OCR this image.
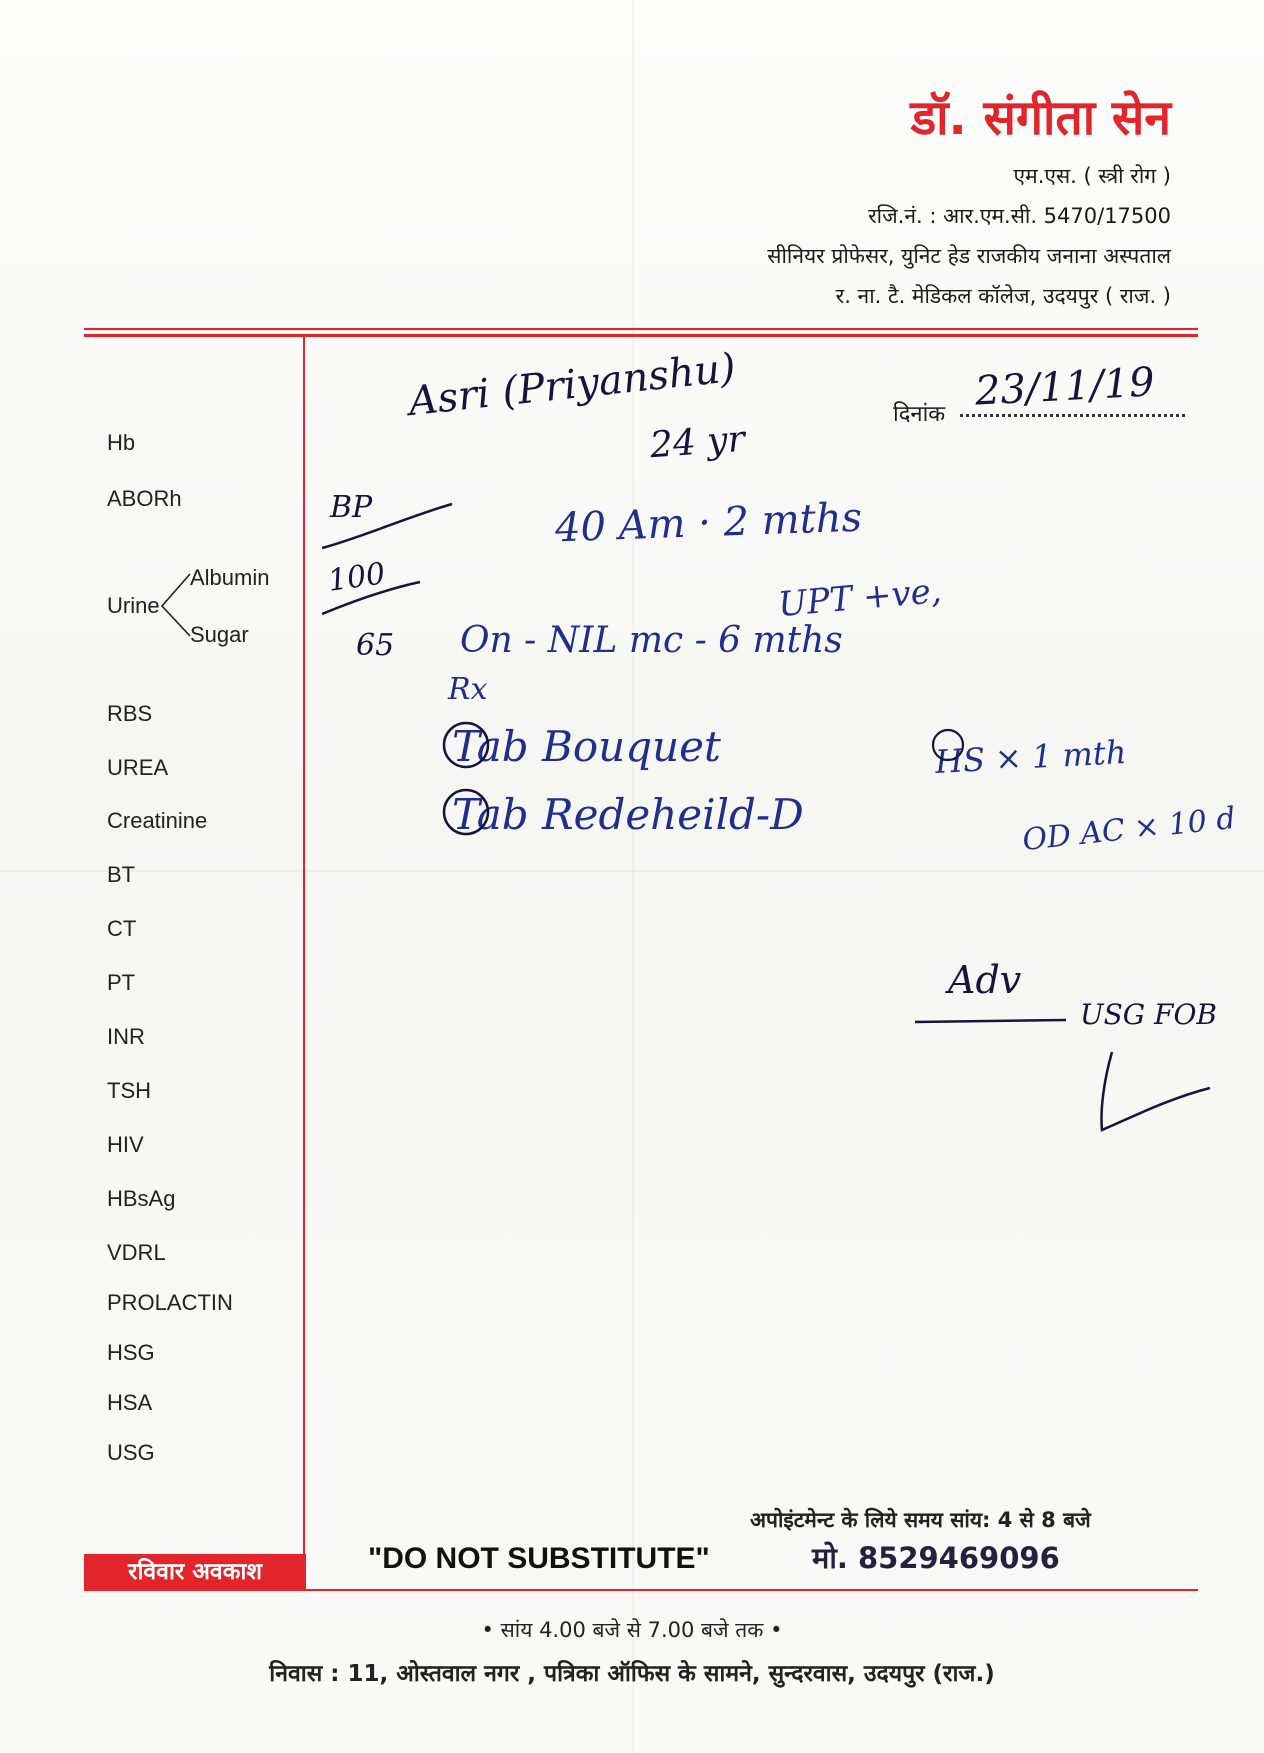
डॉ. संगीता सेन
एम.एस. ( स्त्री रोग )
रजि.नं. : आर.एम.सी. 5470/17500
सीनियर प्रोफेसर, युनिट हेड राजकीय जनाना अस्पताल
र. ना. टै. मेडिकल कॉलेज, उदयपुर ( राज. )
Hb
ABORh
Urine
Albumin
Sugar
RBS
UREA
Creatinine
BT
CT
PT
INR
TSH
HIV
HBsAg
VDRL
PROLACTIN
HSG
HSA
USG
दिनांक
Asri (Priyanshu)
24 yr
23/11/19
BP
100
65
40 Am · 2 mths
UPT +ve,
On - NIL mc - 6 mths
Rx
Tab Bouquet	HS × 1 mth
Tab Redeheild-D	OD AC × 10 d
Adv
USG FOB
अपोइंटमेन्ट के लिये समय सांय: 4 से 8 बजे
मो. 8529469096
"DO NOT SUBSTITUTE"
रविवार अवकाश
• सांय 4.00 बजे से 7.00 बजे तक •
निवास : 11, ओस्तवाल नगर , पत्रिका ऑफिस के सामने, सुन्दरवास, उदयपुर (राज.)
